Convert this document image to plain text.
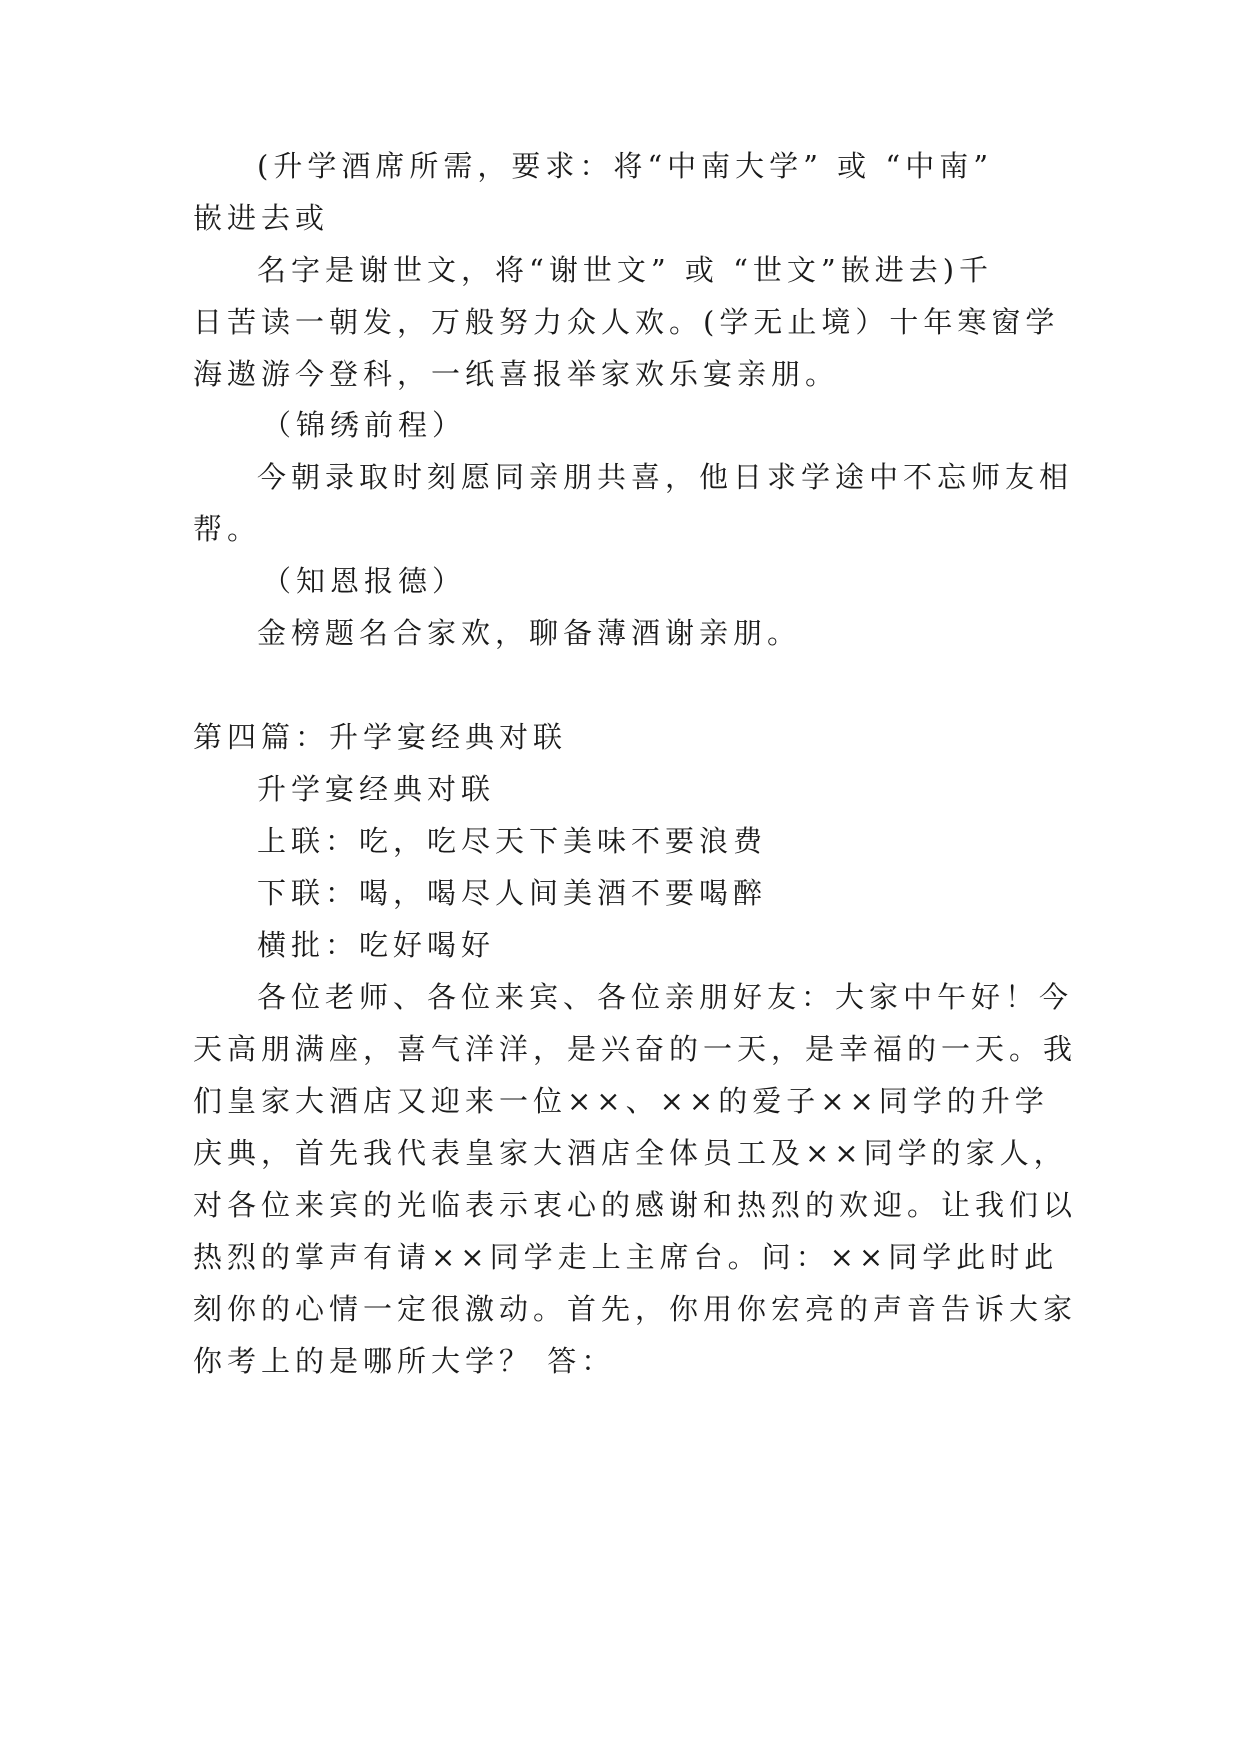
(升学酒席所需，要求：将“中南大学” 或 “中南”
嵌进去或
名字是谢世文，将“谢世文” 或 “世文”嵌进去)千
日苦读一朝发，万般努力众人欢。(学无止境）十年寒窗学
海遨游今登科，一纸喜报举家欢乐宴亲朋。
（锦绣前程）
今朝录取时刻愿同亲朋共喜，他日求学途中不忘师友相
帮。
（知恩报德）
金榜题名合家欢，聊备薄酒谢亲朋。
第四篇：升学宴经典对联
升学宴经典对联
上联：吃，吃尽天下美味不要浪费
下联：喝，喝尽人间美酒不要喝醉
横批：吃好喝好
各位老师、各位来宾、各位亲朋好友：大家中午好！今
天高朋满座，喜气洋洋，是兴奋的一天，是幸福的一天。我
们皇家大酒店又迎来一位××、××的爱子××同学的升学
庆典，首先我代表皇家大酒店全体员工及××同学的家人，
对各位来宾的光临表示衷心的感谢和热烈的欢迎。让我们以
热烈的掌声有请××同学走上主席台。问：××同学此时此
刻你的心情一定很激动。首先，你用你宏亮的声音告诉大家
你考上的是哪所大学？ 答：
